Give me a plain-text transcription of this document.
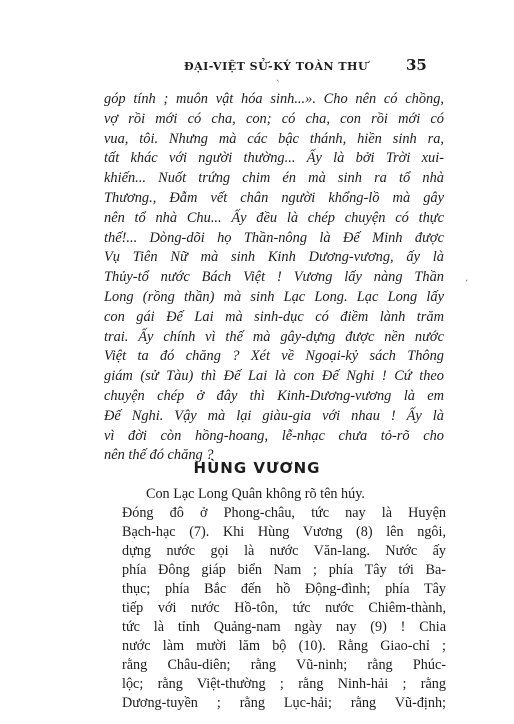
ĐẠI-VIỆT SỬ-KÝ TOÀN THƯ	35
góp tính ; muôn vật hóa sinh...». Cho nên có chồng,
vợ rồi mới có cha, con; có cha, con rồi mới có
vua, tôi. Nhưng mà các bậc thánh, hiền sinh ra,
tất khác với người thường... Ấy là bởi Trời xui-
khiến... Nuốt trứng chim én mà sinh ra tổ nhà
Thương., Đẫm vết chân người khổng-lồ mà gây
nên tổ nhà Chu... Ấy đều là chép chuyện có thực
thế!... Dòng-dõi họ Thần-nông là Đế Minh được
Vụ Tiên Nữ mà sinh Kinh Dương-vương, ấy là
Thủy-tổ nước Bách Việt ! Vương lấy nàng Thần
Long (rồng thần) mà sinh Lạc Long. Lạc Long lấy
con gái Đế Lai mà sinh-dục có điềm lành trăm
trai. Ấy chính vì thế mà gây-dựng được nền nước
Việt ta đó chăng ? Xét về Ngoại-kỷ sách Thông
giám (sử Tàu) thì Đế Lai là con Đế Nghi ! Cứ theo
chuyện chép ở đây thì Kinh-Dương-vương là em
Đế Nghi. Vậy mà lại giàu-gia với nhau ! Ấy là
vì đời còn hồng-hoang, lễ-nhạc chưa tỏ-rõ cho
nên thế đó chăng ?
HÙNG VƯƠNG
Con Lạc Long Quân không rõ tên húy.
Đóng đô ở Phong-châu, tức nay là Huyện
Bạch-hạc (7). Khi Hùng Vương (8) lên ngôi,
dựng nước gọi là nước Văn-lang. Nước ấy
phía Đông giáp biển Nam ; phía Tây tới Ba-
thục; phía Bắc đến hồ Động-đình; phía Tây
tiếp với nước Hồ-tôn, tức nước Chiêm-thành,
tức là tỉnh Quảng-nam ngày nay (9) ! Chia
nước làm mười lăm bộ (10). Rằng Giao-chỉ ;
rằng Châu-diên; rằng Vũ-ninh; rằng Phúc-
lộc; rằng Việt-thường ; rằng Ninh-hải ; rằng
Dương-tuyền ; rằng Lục-hải; rằng Vũ-định;
ˋ
ˊ
